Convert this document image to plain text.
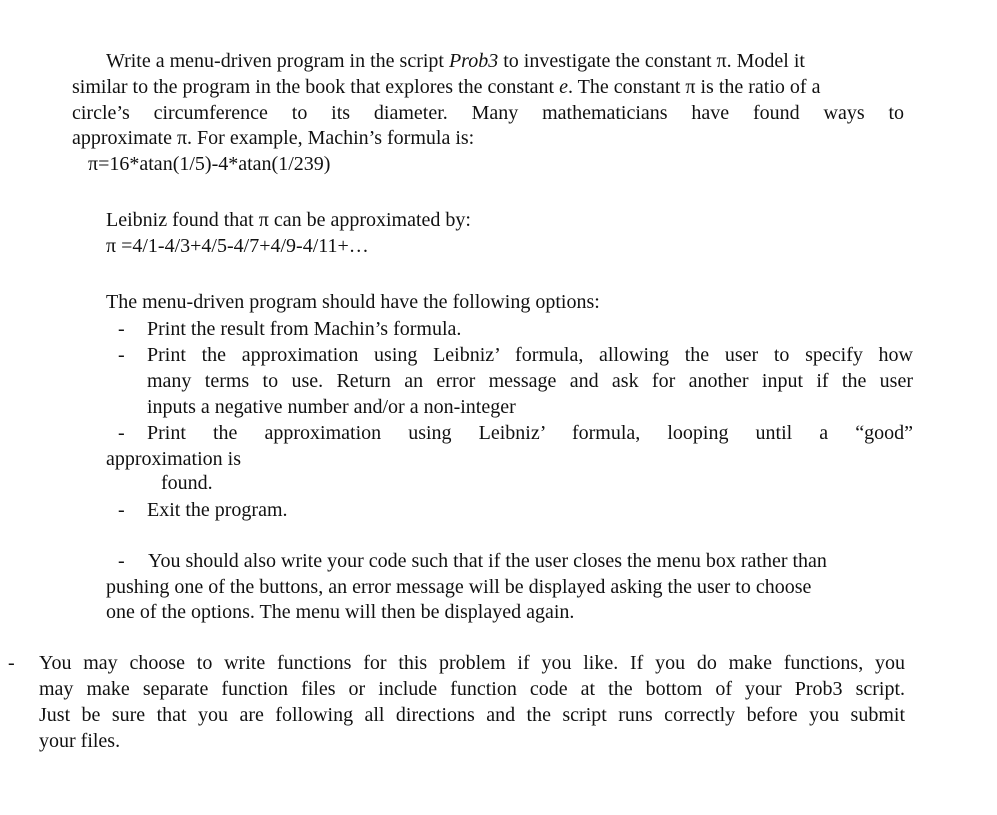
Write a menu-driven program in the script Prob3 to investigate the constant π. Model it
similar to the program in the book that explores the constant e. The constant π is the ratio of a
circle’s circumference to its diameter. Many mathematicians have found ways to
approximate π. For example, Machin’s formula is:
π=16*atan(1/5)-4*atan(1/239)
Leibniz found that π can be approximated by:
π =4/1-4/3+4/5-4/7+4/9-4/11+…
The menu-driven program should have the following options:
- Print the result from Machin’s formula.
- Print the approximation using Leibniz’ formula, allowing the user to specify how
many terms to use. Return an error message and ask for another input if the user
inputs a negative number and/or a non-integer
- Print the approximation using Leibniz’ formula, looping until a “good”
approximation is
found.
- Exit the program.
- You should also write your code such that if the user closes the menu box rather than
pushing one of the buttons, an error message will be displayed asking the user to choose
one of the options. The menu will then be displayed again.
- You may choose to write functions for this problem if you like. If you do make functions, you
may make separate function files or include function code at the bottom of your Prob3 script.
Just be sure that you are following all directions and the script runs correctly before you submit
your files.
